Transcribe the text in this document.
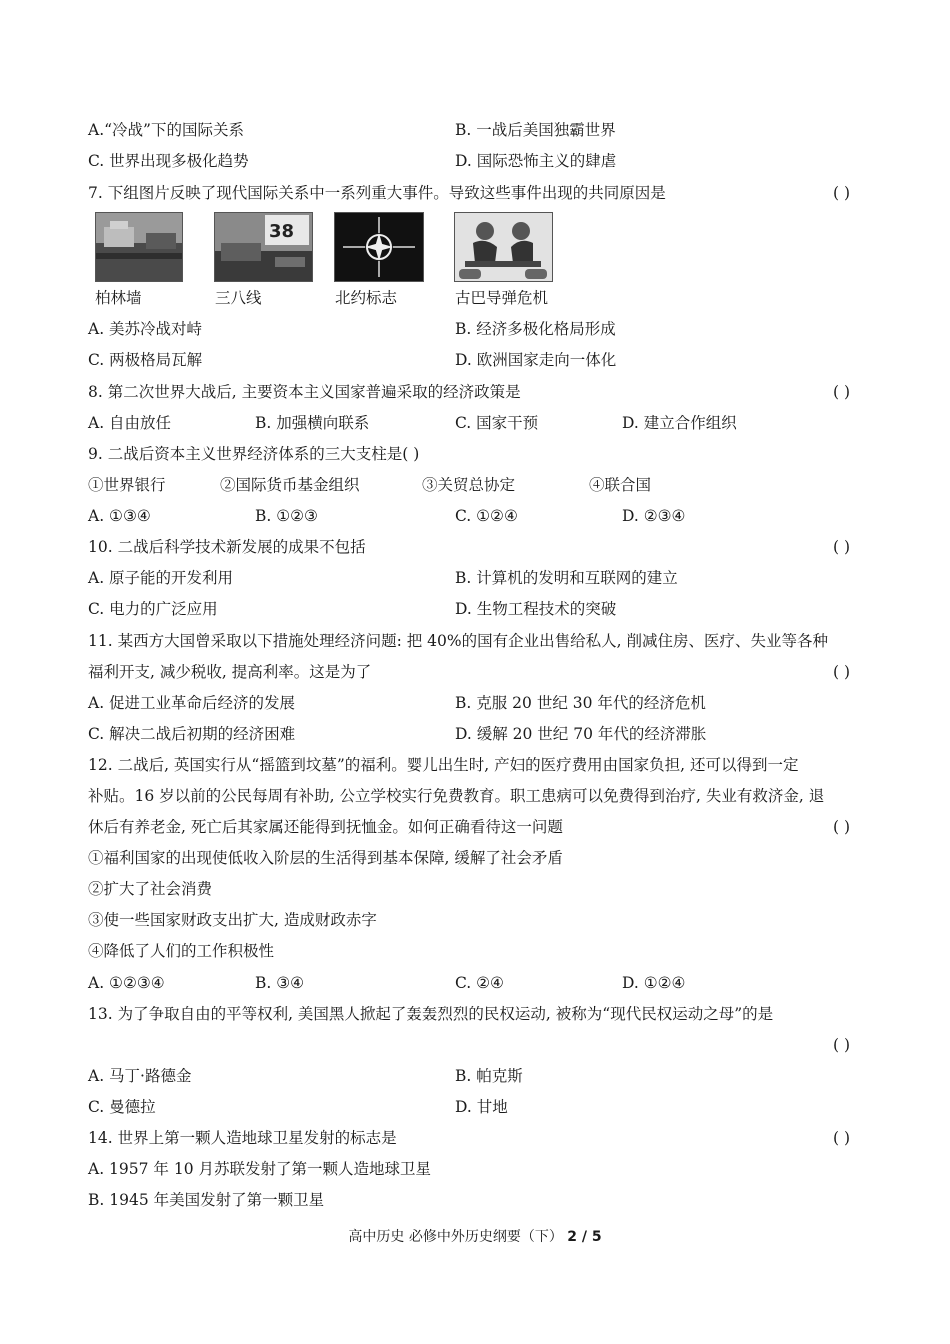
A.“冷战”下的国际关系	B. 一战后美国独霸世界
C. 世界出现多极化趋势	D. 国际恐怖主义的肆虐
7. 下组图片反映了现代国际关系中一系列重大事件。导致这些事件出现的共同原因是	( )
38
柏林墙	三八线	北约标志	古巴导弹危机
A. 美苏冷战对峙	B. 经济多极化格局形成
C. 两极格局瓦解	D. 欧洲国家走向一体化
8. 第二次世界大战后, 主要资本主义国家普遍采取的经济政策是	( )
A. 自由放任	B. 加强横向联系	C. 国家干预	D. 建立合作组织
9. 二战后资本主义世界经济体系的三大支柱是( )
①世界银行	②国际货币基金组织	③关贸总协定	④联合国
A. ①③④	B. ①②③	C. ①②④	D. ②③④
10. 二战后科学技术新发展的成果不包括	( )
A. 原子能的开发利用	B. 计算机的发明和互联网的建立
C. 电力的广泛应用	D. 生物工程技术的突破
11. 某西方大国曾采取以下措施处理经济问题: 把 40%的国有企业出售给私人, 削减住房、医疗、失业等各种
福利开支, 减少税收, 提高利率。这是为了	( )
A. 促进工业革命后经济的发展	B. 克服 20 世纪 30 年代的经济危机
C. 解决二战后初期的经济困难	D. 缓解 20 世纪 70 年代的经济滞胀
12. 二战后, 英国实行从“摇篮到坟墓”的福利。婴儿出生时, 产妇的医疗费用由国家负担, 还可以得到一定
补贴。16 岁以前的公民每周有补助, 公立学校实行免费教育。职工患病可以免费得到治疗, 失业有救济金, 退
休后有养老金, 死亡后其家属还能得到抚恤金。如何正确看待这一问题	( )
①福利国家的出现使低收入阶层的生活得到基本保障, 缓解了社会矛盾
②扩大了社会消费
③使一些国家财政支出扩大, 造成财政赤字
④降低了人们的工作积极性
A. ①②③④	B. ③④	C. ②④	D. ①②④
13. 为了争取自由的平等权利, 美国黑人掀起了轰轰烈烈的民权运动, 被称为“现代民权运动之母”的是
( )
A. 马丁·路德金	B. 帕克斯
C. 曼德拉	D. 甘地
14. 世界上第一颗人造地球卫星发射的标志是	( )
A. 1957 年 10 月苏联发射了第一颗人造地球卫星
B. 1945 年美国发射了第一颗卫星
高中历史 必修中外历史纲要（下） 2 / 5
